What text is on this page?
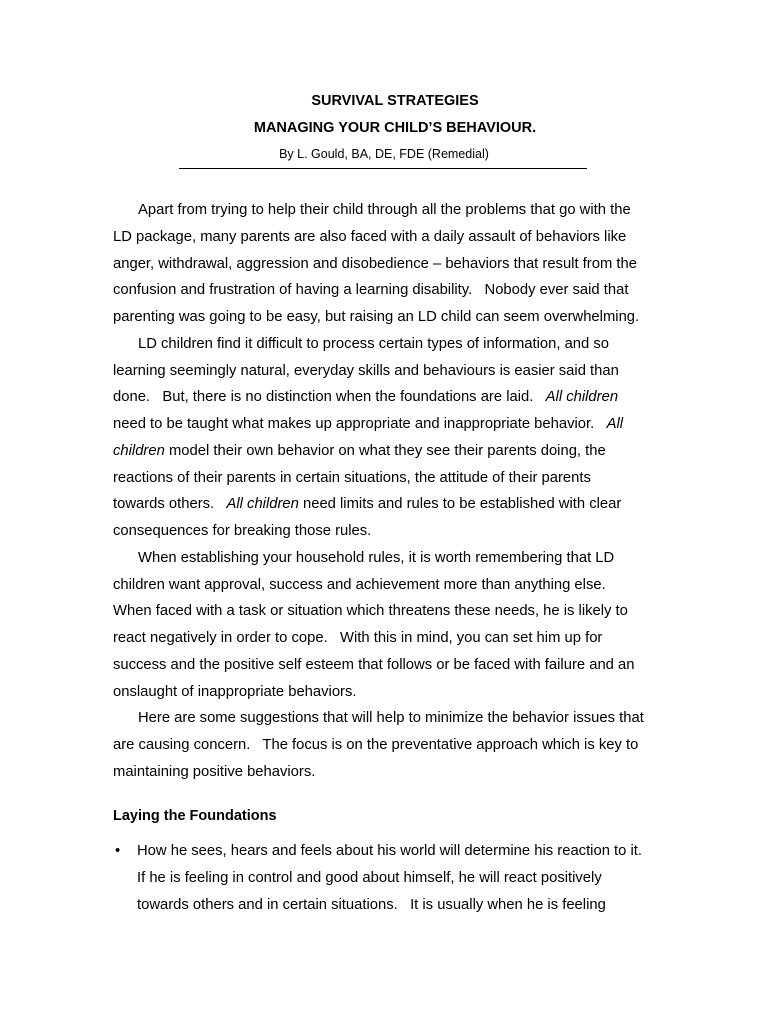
SURVIVAL STRATEGIES
MANAGING YOUR CHILD’S BEHAVIOUR.
By L. Gould, BA, DE, FDE (Remedial)

Apart from trying to help their child through all the problems that go with the
LD package, many parents are also faced with a daily assault of behaviors like
anger, withdrawal, aggression and disobedience – behaviors that result from the
confusion and frustration of having a learning disability.   Nobody ever said that
parenting was going to be easy, but raising an LD child can seem overwhelming.

LD children find it difficult to process certain types of information, and so
learning seemingly natural, everyday skills and behaviours is easier said than
done.   But, there is no distinction when the foundations are laid.   All children
need to be taught what makes up appropriate and inappropriate behavior.   All
children model their own behavior on what they see their parents doing, the
reactions of their parents in certain situations, the attitude of their parents
towards others.   All children need limits and rules to be established with clear
consequences for breaking those rules.

When establishing your household rules, it is worth remembering that LD
children want approval, success and achievement more than anything else.
When faced with a task or situation which threatens these needs, he is likely to
react negatively in order to cope.   With this in mind, you can set him up for
success and the positive self esteem that follows or be faced with failure and an
onslaught of inappropriate behaviors.

Here are some suggestions that will help to minimize the behavior issues that
are causing concern.   The focus is on the preventative approach which is key to
maintaining positive behaviors.

Laying the Foundations
• How he sees, hears and feels about his world will determine his reaction to it.
If he is feeling in control and good about himself, he will react positively
towards others and in certain situations.   It is usually when he is feeling
